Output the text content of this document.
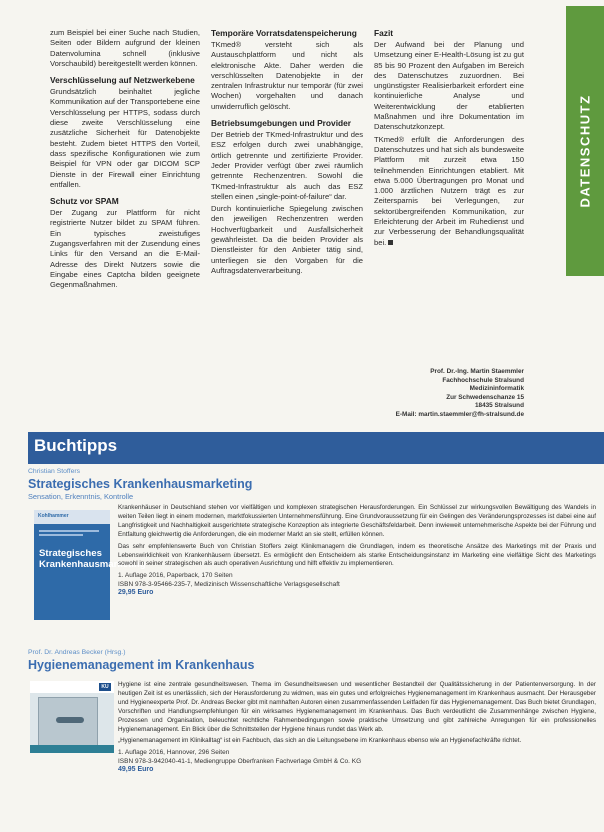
zum Beispiel bei einer Suche nach Studien, Seiten oder Bildern aufgrund der kleinen Datenvolumina schnell (inklusive Vorschaubild) bereitgestellt werden können.

Verschlüsselung auf Netzwerkebene

Grundsätzlich beinhaltet jegliche Kommunikation auf der Transportebene eine Verschlüsselung per HTTPS, sodass durch diese zweite Verschlüsselung eine zusätzliche Sicherheit für Datenobjekte besteht. Zudem bietet HTTPS den Vorteil, dass spezifische Konfigurationen wie zum Beispiel für VPN oder gar DICOM SCP Dienste in der Firewall einer Einrichtung entfallen.

Schutz vor SPAM

Der Zugang zur Plattform für nicht registrierte Nutzer bildet zu SPAM führen. Ein typisches zweistufiges Zugangsverfahren mit der Zusendung eines Links für den Versand an die E-Mail-Adresse des Direkt Nutzers sowie die Eingabe eines Captcha bilden geeignete Gegenmaßnahmen.

Temporäre Vorratsdatenspeicherung

TKmed® versteht sich als Austauschplattform und nicht als elektronische Akte. Daher werden die verschlüsselten Datenobjekte in der zentralen Infrastruktur nur temporär (für zwei Wochen) vorgehalten und danach unwiderruflich gelöscht.

Betriebsumgebungen und Provider

Der Betrieb der TKmed-Infrastruktur und des ESZ erfolgen durch zwei unabhängige, örtlich getrennte und zertifizierte Provider. Jeder Provider verfügt über zwei räumlich getrennte Rechenzentren. Sowohl die TKmed-Infrastruktur als auch das ESZ stellen einen „single-point-of-failure“ dar.

Durch kontinuierliche Spiegelung zwischen den jeweiligen Rechenzentren werden Hochverfügbarkeit und Ausfallsicherheit gewährleistet. Da die beiden Provider als Dienstleister für den Anbieter tätig sind, unterliegen sie den Vorgaben für die Auftragsdatenverarbeitung.

Fazit

Der Aufwand bei der Planung und Umsetzung einer E-Health-Lösung ist zu gut 85 bis 90 Prozent den Aufgaben im Bereich des Datenschutzes zuzuordnen. Bei ungünstigster Realisierbarkeit erfordert eine kontinuierliche Analyse und Weiterentwicklung der etablierten Maßnahmen und ihre Dokumentation im Datenschutzkonzept.

TKmed® erfüllt die Anforderungen des Datenschutzes und hat sich als bundesweite Plattform mit zurzeit etwa 150 teilnehmenden Einrichtungen etabliert. Mit etwa 5.000 Übertragungen pro Monat und 1.000 ärztlichen Nutzern trägt es zur Zeitersparnis bei Verlegungen, zur sektorübergreifenden Kommunikation, zur Erleichterung der Arbeit im Ruhedienst und zur Verbesserung der Behandlungsqualität bei.

Prof. Dr.-Ing. Martin Staemmler
Fachhochschule Stralsund
Medizininformatik
Zur Schwedenschanze 15
18435 Stralsund
E-Mail: martin.staemmler@fh-stralsund.de
DATENSCHUTZ
Buchtipps
Christian Stoffers
Strategisches Krankenhausmarketing
Sensation, Erkenntnis, Kontrolle
Kohlhammer
Strategisches Krankenhausmarketing

Krankenhäuser in Deutschland stehen vor vielfältigen und komplexen strategischen Herausforderungen. Ein Schlüssel zur wirkungsvollen Bewältigung des Wandels in weiten Teilen liegt in einem modernen, marktfokussierten Unternehmensführung. Eine Grundvoraussetzung für ein Gelingen des Veränderungsprozesses ist dabei eine auf Langfristigkeit und Nachhaltigkeit ausgerichtete strategische Konzeption als integrierte Geschäftsfeldarbeit. Denn inwieweit unternehmerische Aspekte bei der Führung und Entfaltung gleichwertig die Anforderungen, die ein moderner Markt an sie stellt, erfüllen können.

Das sehr empfehlenswerte Buch von Christian Stoffers zeigt Klinikmanagern die Grundlagen, indem es theoretische Ansätze des Marketings mit der Praxis und Lebenswirklichkeit von Krankenhäusern übersetzt. Es ermöglicht den Entscheidern als starke Entscheidungsinstanz im Marketing eine vielfältige Sicht des Marketings sowohl in seiner strategischen als auch operativen Ausrichtung und hilft effektiv zu implementieren.

1. Auflage 2016, Paperback, 170 Seiten
ISBN 978-3-95466-235-7, Medizinisch Wissenschaftliche Verlagsgesellschaft
29,95 Euro
Prof. Dr. Andreas Becker (Hrsg.)
Hygienemanagement im Krankenhaus
KU	Hygiene ist eine zentrale gesundheitswesen. Thema im Gesundheitswesen und wesentlicher Bestandteil der Qualitätssicherung in der Patientenversorgung. In der heutigen Zeit ist es unerlässlich, sich der Herausforderung zu widmen, was ein gutes und erfolgreiches Hygienemanagement im Krankenhaus ausmacht. Der Herausgeber und Hygieneexperte Prof. Dr. Andreas Becker gibt mit namhaften Autoren einen zusammenfassenden Leitfaden für das Hygienemanagement. Das Buch bietet Grundlagen, Vorschriften und Handlungsempfehlungen für ein wirksames Hygienemanagement im Krankenhaus. Das Buch verdeutlicht die Zusammenhänge zwischen Hygiene, Prozessen und Organisation, beleuchtet rechtliche Rahmenbedingungen sowie praktische Umsetzung und gibt zahlreiche Anregungen für ein professionelles Hygienemanagement. Ein Blick über die Schnittstellen der Hygiene hinaus rundet das Werk ab.

„Hygienemanagement im Klinikalltag“ ist ein Fachbuch, das sich an die Leitungsebene im Krankenhaus ebenso wie an Hygienefachkräfte richtet.

1. Auflage 2016, Hannover, 296 Seiten
ISBN 978-3-942040-41-1, Mediengruppe Oberfranken Fachverlage GmbH & Co. KG
49,95 Euro
